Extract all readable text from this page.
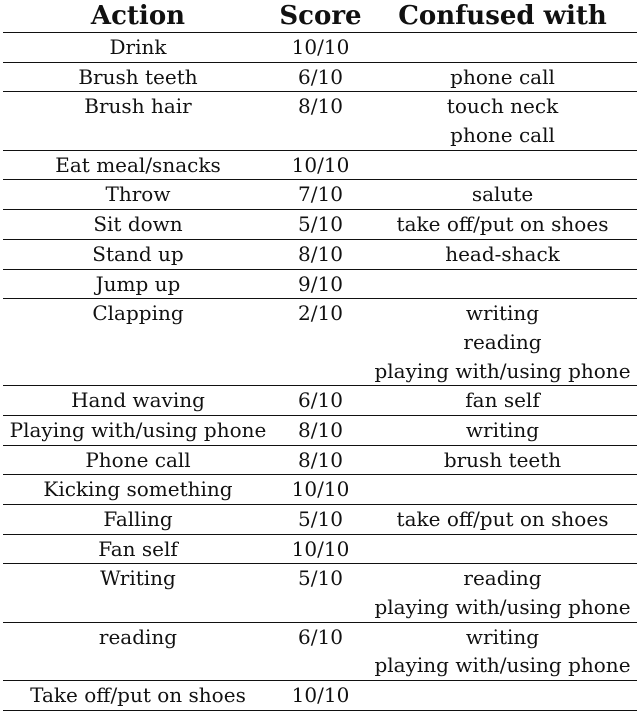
Action	Score	Confused with

Drink	10/10	

Brush teeth	6/10	phone call

Brush hair	8/10	touch neck
phone call

Eat meal/snacks	10/10	

Throw	7/10	salute

Sit down	5/10	take off/put on shoes

Stand up	8/10	head-shack

Jump up	9/10	

Clapping	2/10	writing
reading
playing with/using phone

Hand waving	6/10	fan self

Playing with/using phone	8/10	writing

Phone call	8/10	brush teeth

Kicking something	10/10	

Falling	5/10	take off/put on shoes

Fan self	10/10	

Writing	5/10	reading
playing with/using phone

reading	6/10	writing
playing with/using phone

Take off/put on shoes	10/10	
